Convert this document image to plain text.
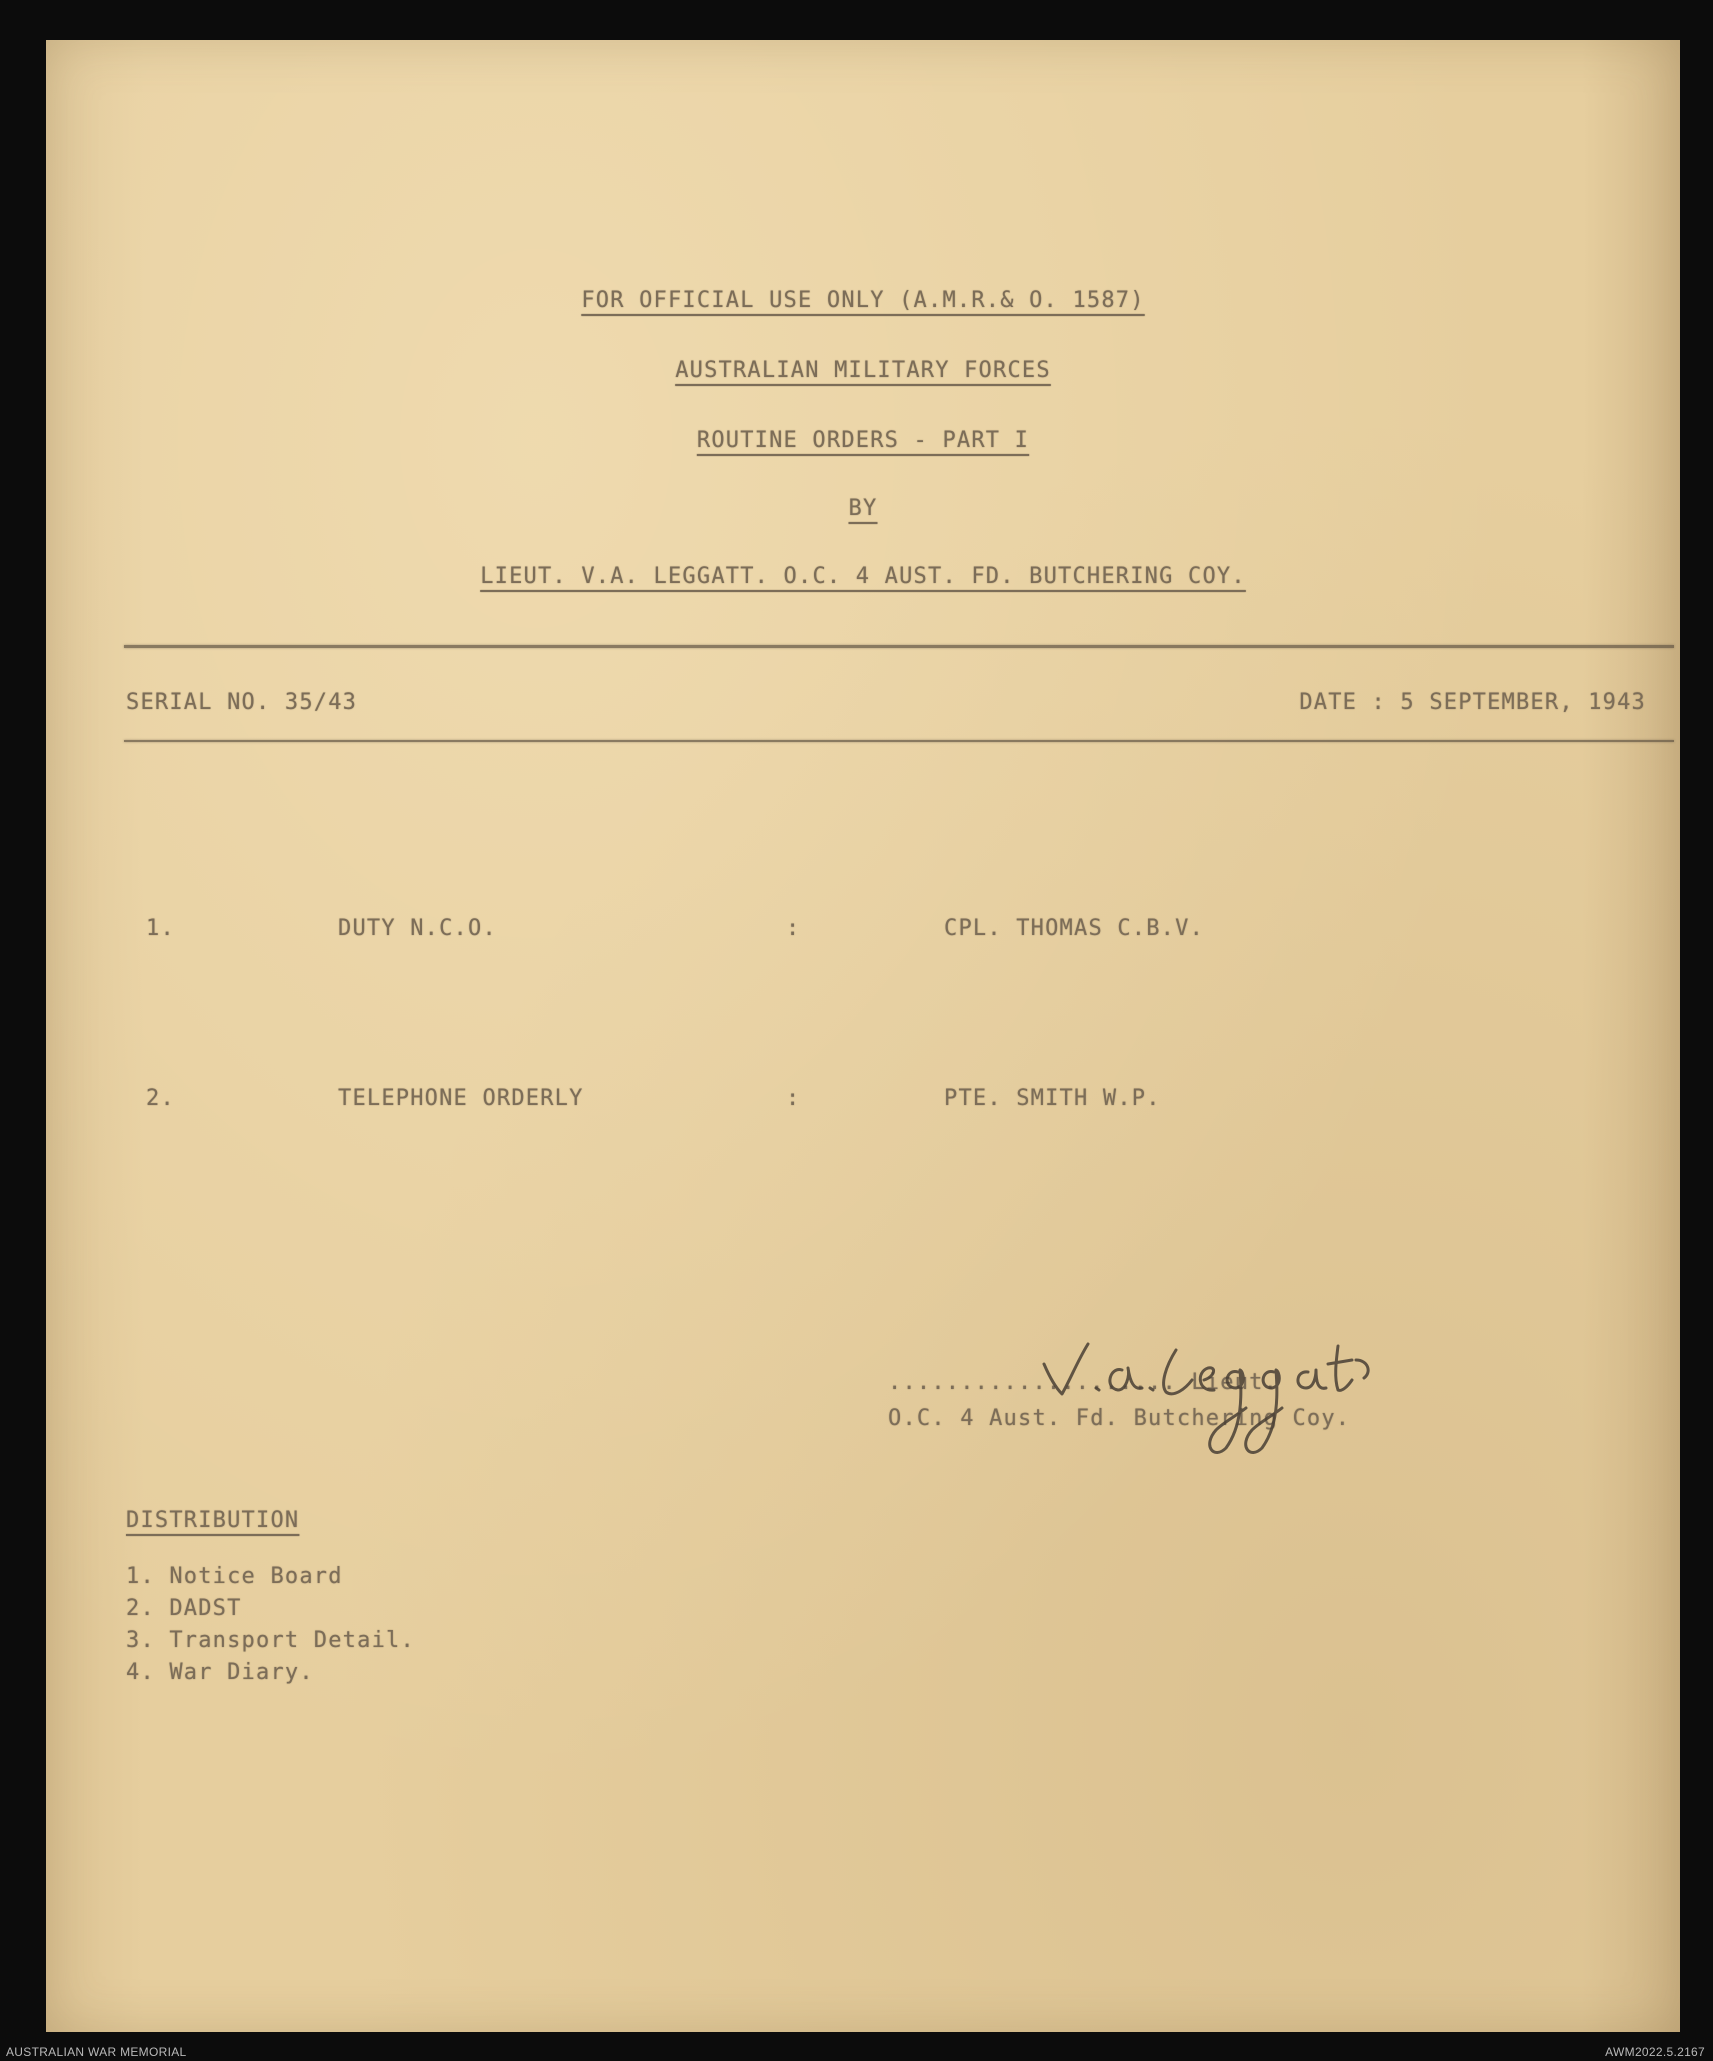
FOR OFFICIAL USE ONLY (A.M.R.& O. 1587)
AUSTRALIAN MILITARY FORCES
ROUTINE ORDERS - PART I
BY
LIEUT. V.A. LEGGATT. O.C. 4 AUST. FD. BUTCHERING COY.
SERIAL NO. 35/43	DATE : 5 SEPTEMBER, 1943
1.	DUTY N.C.O.	:	CPL. THOMAS C.B.V.
2.	TELEPHONE ORDERLY	:	PTE. SMITH W.P.
.................... Lieut.
O.C. 4 Aust. Fd. Butchering Coy.
DISTRIBUTION
1. Notice Board
2. DADST
3. Transport Detail.
4. War Diary.
AUSTRALIAN WAR MEMORIAL	AWM2022.5.2167
